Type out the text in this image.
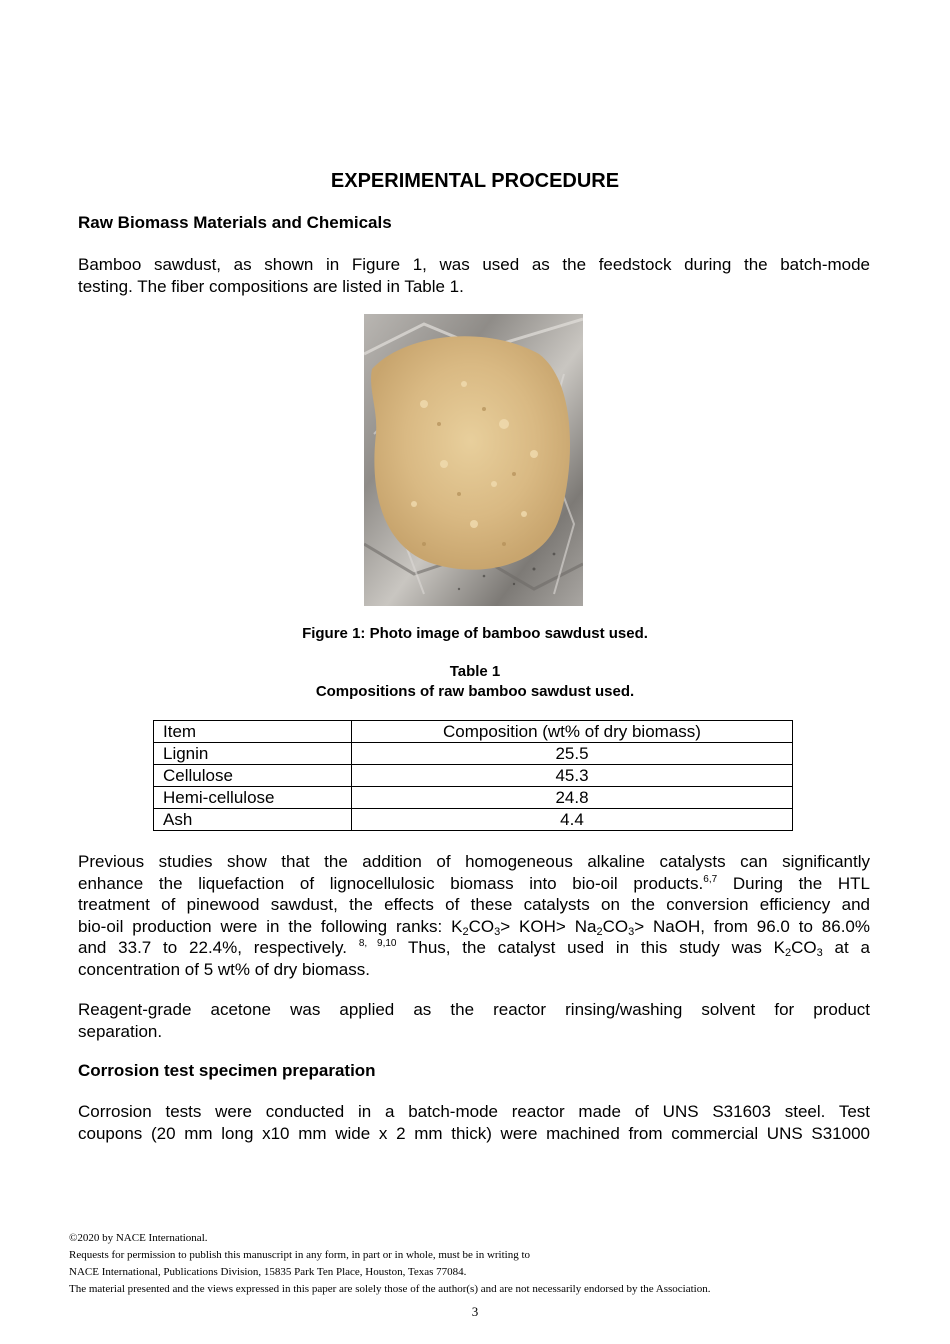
EXPERIMENTAL PROCEDURE
Raw Biomass Materials and Chemicals
Bamboo sawdust, as shown in Figure 1, was used as the feedstock during the batch-mode
testing. The fiber compositions are listed in Table 1.
Figure 1: Photo image of bamboo sawdust used.
Table 1
Compositions of raw bamboo sawdust used.
Item	Composition (wt% of dry biomass)
Lignin	25.5
Cellulose	45.3
Hemi-cellulose	24.8
Ash	4.4
Previous studies show that the addition of homogeneous alkaline catalysts can significantly
enhance the liquefaction of lignocellulosic biomass into bio-oil products.$^{6,7}$ During the HTL
treatment of pinewood sawdust, the effects of these catalysts on the conversion efficiency and
bio-oil production were in the following ranks: $K_2CO_3> KOH> Na_2CO_3>$ NaOH, from 96.0 to 86.0%
and 33.7 to 22.4%, respectively. $^{8, 9,10}$ Thus, the catalyst used in this study was $K_2CO_3$ at a
concentration of 5 wt% of dry biomass.
Reagent-grade acetone was applied as the reactor rinsing/washing solvent for product
separation.
Corrosion test specimen preparation
Corrosion tests were conducted in a batch-mode reactor made of UNS S31603 steel. Test
coupons (20 mm long x10 mm wide x 2 mm thick) were machined from commercial UNS S31000
©2020 by NACE International.
Requests for permission to publish this manuscript in any form, in part or in whole, must be in writing to
NACE International, Publications Division, 15835 Park Ten Place, Houston, Texas 77084.
The material presented and the views expressed in this paper are solely those of the author(s) and are not necessarily endorsed by the Association.
3
